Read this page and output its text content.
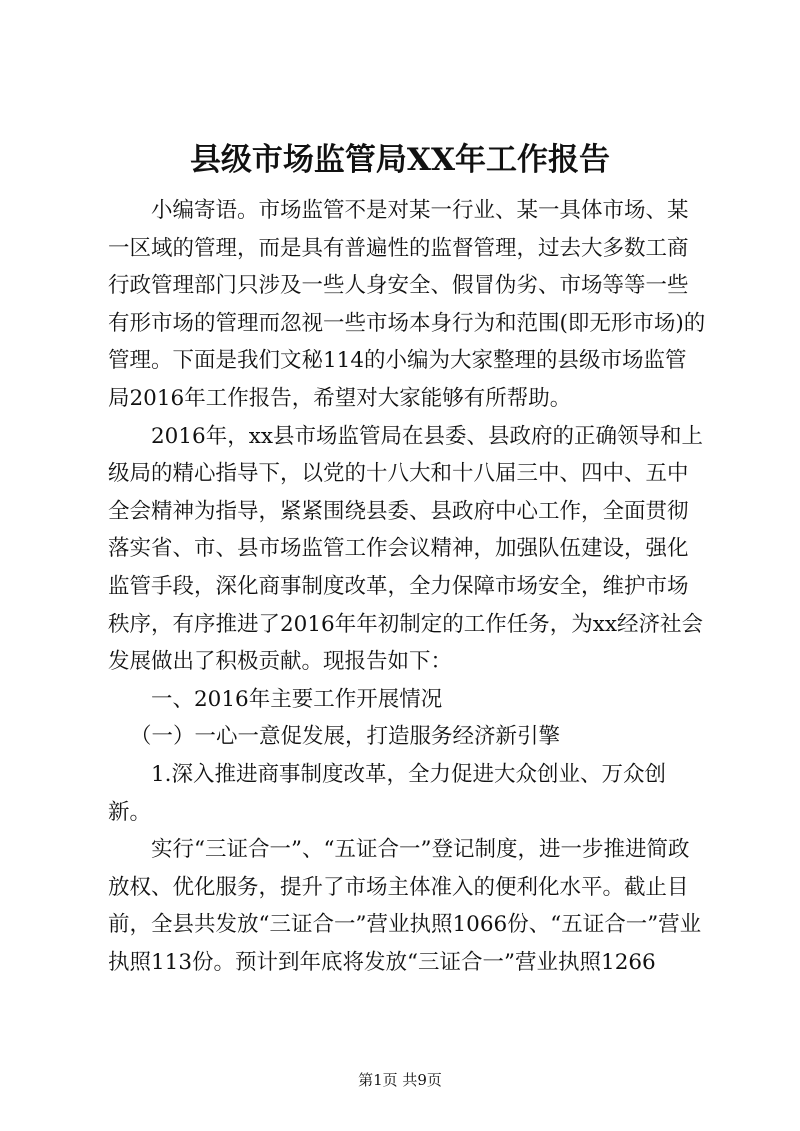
县级市场监管局XX年工作报告

小编寄语。市场监管不是对某一行业、某一具体市场、某一区域的管理，而是具有普遍性的监督管理，过去大多数工商行政管理部门只涉及一些人身安全、假冒伪劣、市场等等一些有形市场的管理而忽视一些市场本身行为和范围(即无形市场)的管理。下面是我们文秘114的小编为大家整理的县级市场监管局2016年工作报告，希望对大家能够有所帮助。

2016年，xx县市场监管局在县委、县政府的正确领导和上级局的精心指导下，以党的十八大和十八届三中、四中、五中全会精神为指导，紧紧围绕县委、县政府中心工作，全面贯彻落实省、市、县市场监管工作会议精神，加强队伍建设，强化监管手段，深化商事制度改革，全力保障市场安全，维护市场秩序，有序推进了2016年年初制定的工作任务，为xx经济社会发展做出了积极贡献。现报告如下：

一、2016年主要工作开展情况

（一）一心一意促发展，打造服务经济新引擎

1.深入推进商事制度改革，全力促进大众创业、万众创新。

实行“三证合一”、“五证合一”登记制度，进一步推进简政放权、优化服务，提升了市场主体准入的便利化水平。截止目前，全县共发放“三证合一”营业执照1066份、“五证合一”营业执照113份。预计到年底将发放“三证合一”营业执照1266

第1页 共9页
